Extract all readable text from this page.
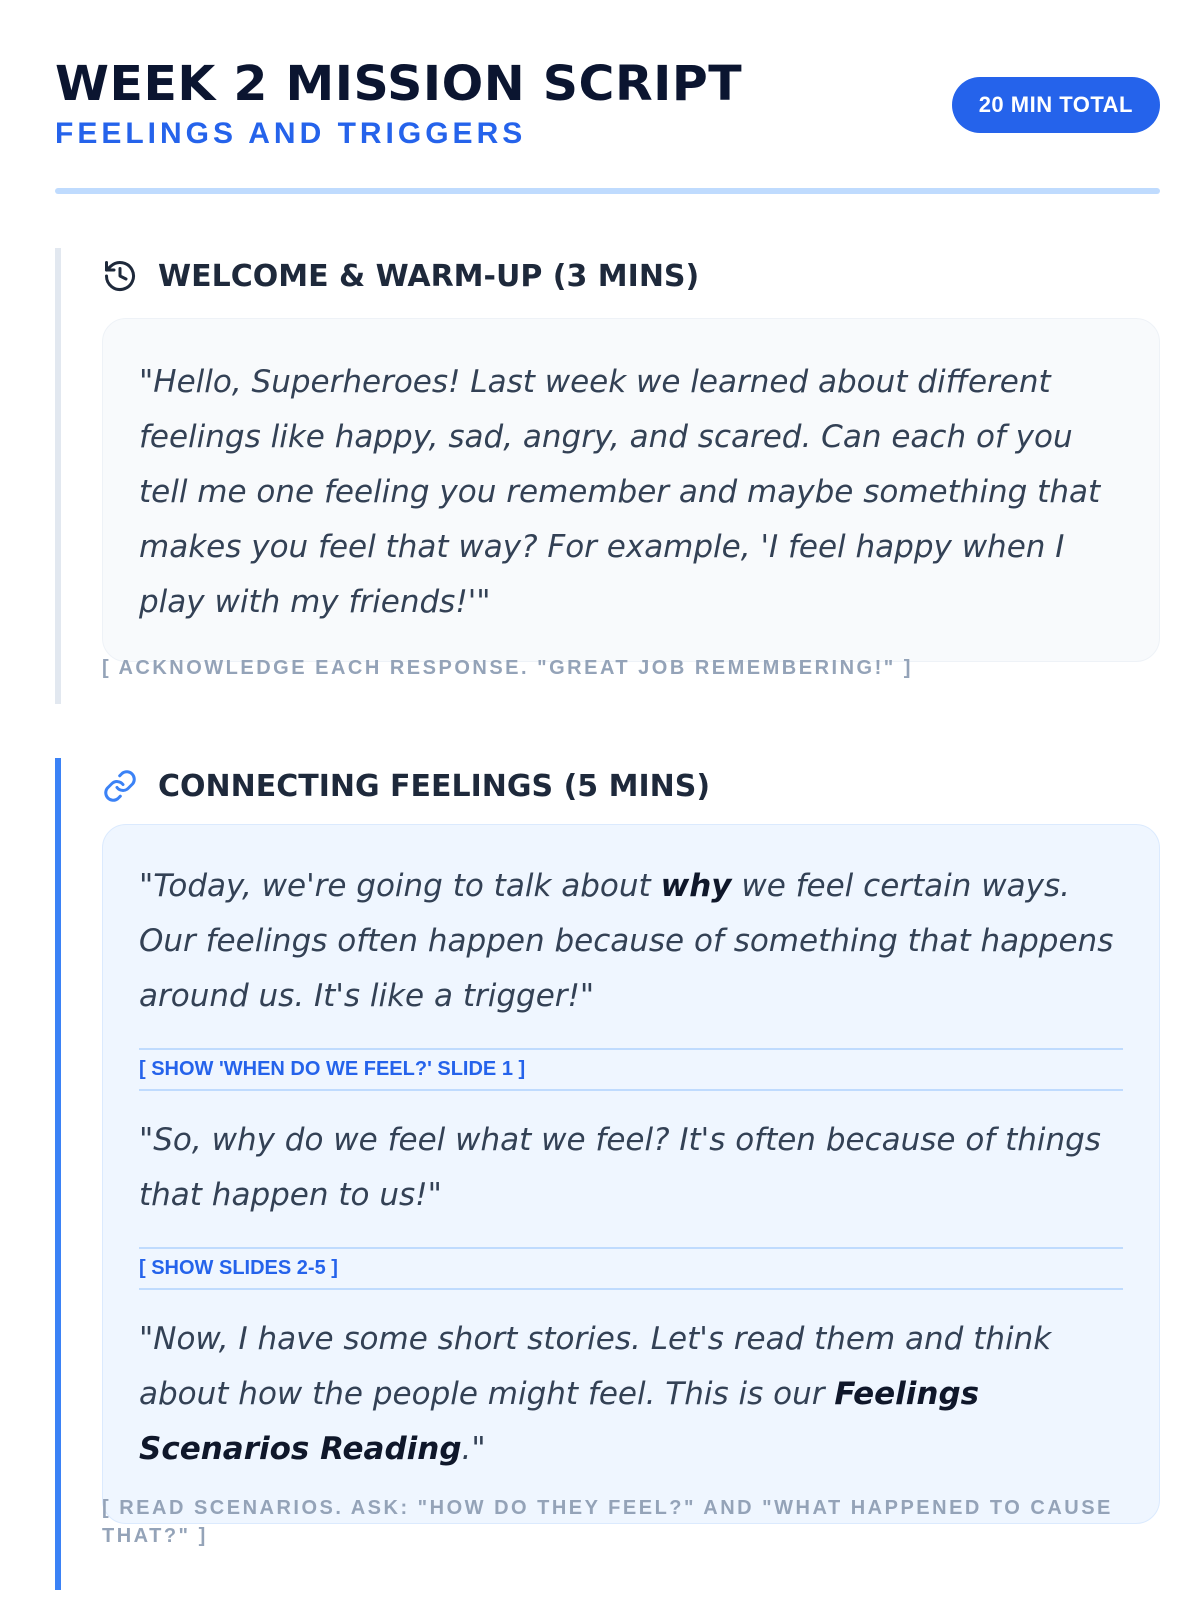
WEEK 2 MISSION SCRIPT
FEELINGS AND TRIGGERS
20 MIN TOTAL
WELCOME & WARM-UP (3 MINS)

"Hello, Superheroes! Last week we learned about different feelings like happy, sad, angry, and scared. Can each of you tell me one feeling you remember and maybe something that makes you feel that way? For example, 'I feel happy when I play with my friends!'"

[ ACKNOWLEDGE EACH RESPONSE. "GREAT JOB REMEMBERING!" ]
CONNECTING FEELINGS (5 MINS)

"Today, we're going to talk about why we feel certain ways. Our feelings often happen because of something that happens around us. It's like a trigger!"

[ SHOW 'WHEN DO WE FEEL?' SLIDE 1 ]

"So, why do we feel what we feel? It's often because of things that happen to us!"

[ SHOW SLIDES 2-5 ]

"Now, I have some short stories. Let's read them and think about how the people might feel. This is our Feelings Scenarios Reading."

[ READ SCENARIOS. ASK: "HOW DO THEY FEEL?" AND "WHAT HAPPENED TO CAUSE THAT?" ]
